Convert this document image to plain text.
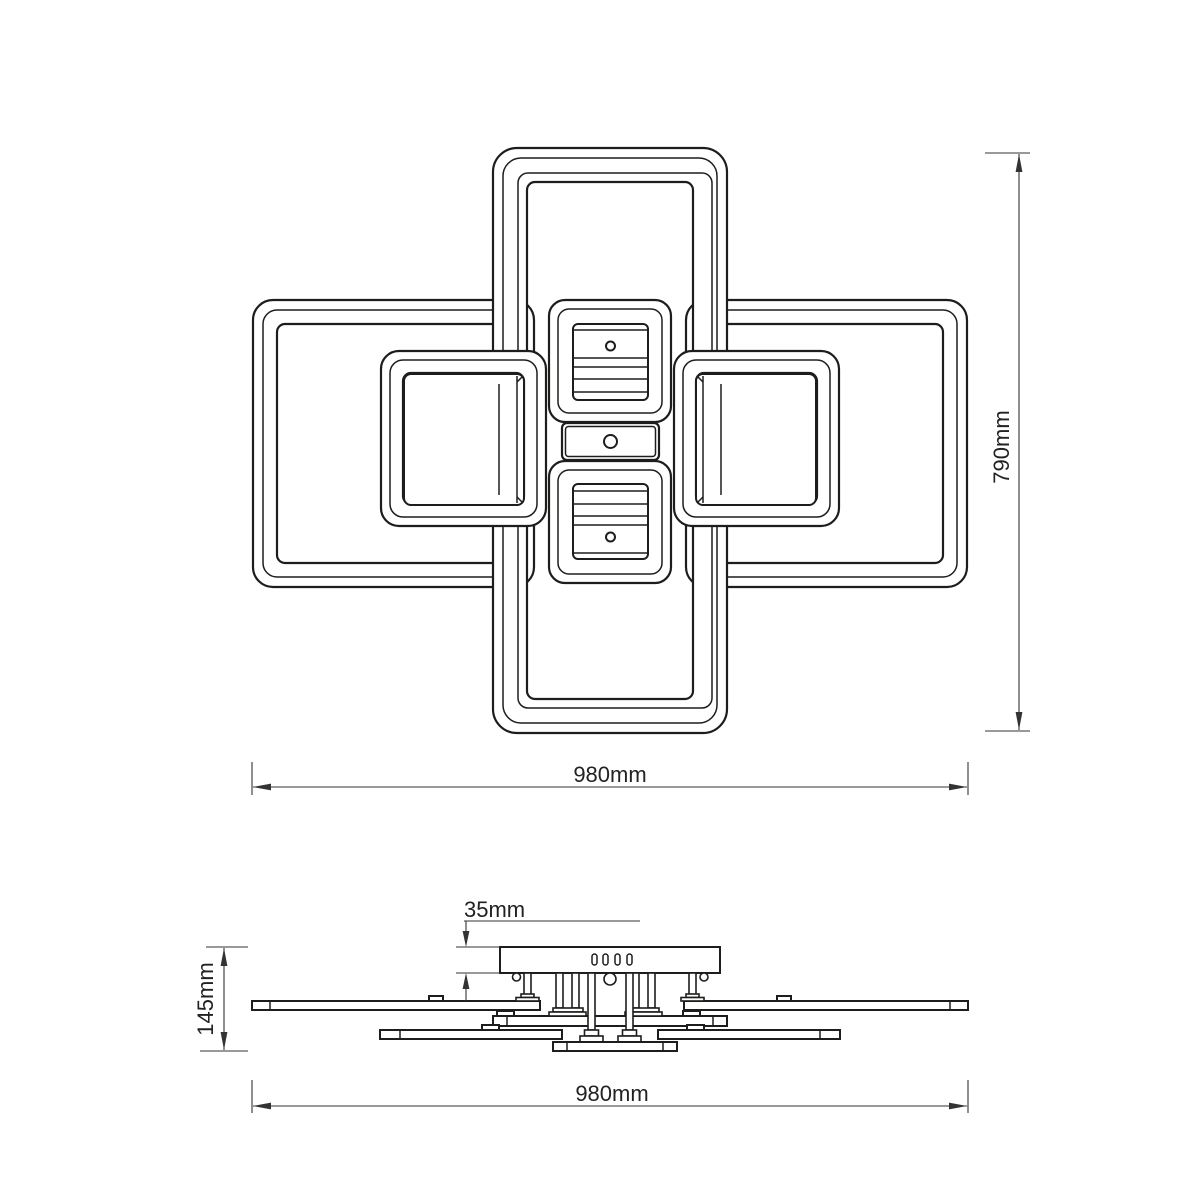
980mm
790mm
145mm
35mm
980mm
